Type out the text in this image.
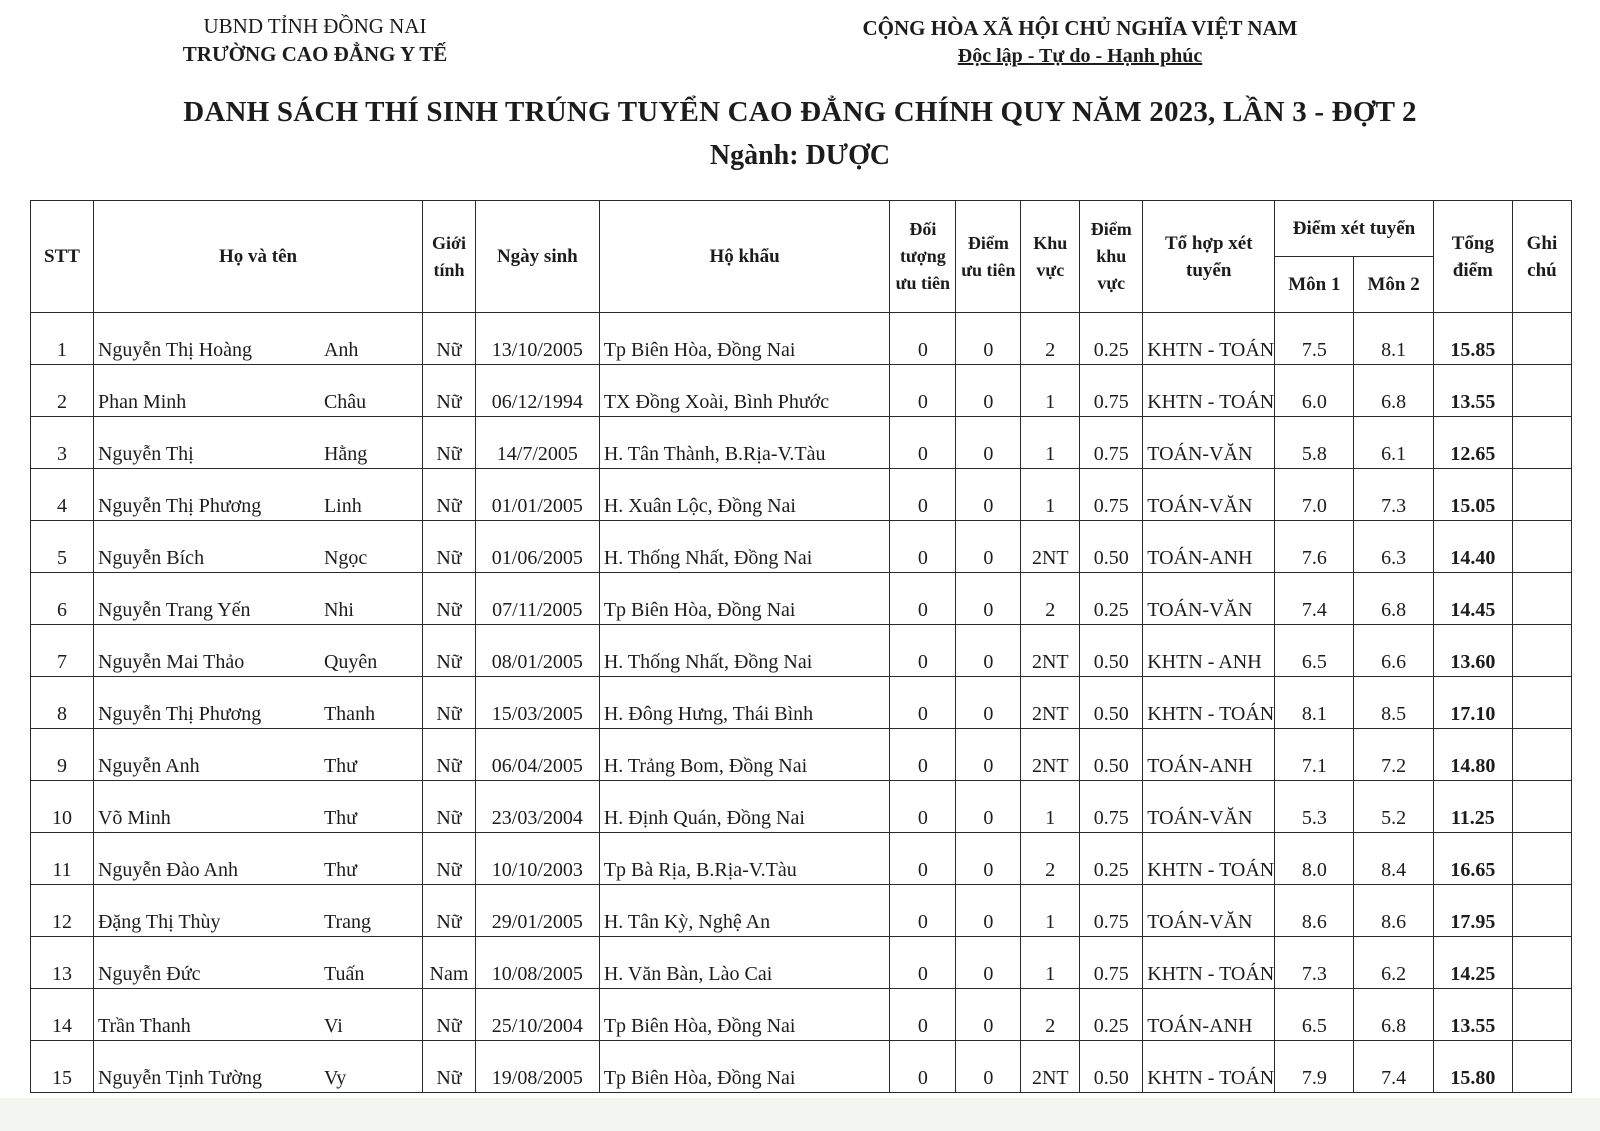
UBND TỈNH ĐỒNG NAI
TRƯỜNG CAO ĐẲNG Y TẾ
CỘNG HÒA XÃ HỘI CHỦ NGHĨA VIỆT NAM
Độc lập - Tự do - Hạnh phúc
DANH SÁCH THÍ SINH TRÚNG TUYỂN CAO ĐẲNG CHÍNH QUY NĂM 2023, LẦN 3 - ĐỢT 2
Ngành: DƯỢC
STT	Họ và tên	Giới tính	Ngày sinh	Hộ khẩu	Đối tượng ưu tiên	Điểm ưu tiên	Khu vực	Điểm khu vực	Tổ hợp xét tuyển	Điểm xét tuyển		Tổng điểm	Ghi chú
										Môn 1	Môn 2		
1	Nguyễn Thị Hoàng Anh	Nữ	13/10/2005	Tp Biên Hòa, Đồng Nai	0	0	2	0.25	KHTN - TOÁN	7.5	8.1	15.85	
2	Phan Minh Châu	Nữ	06/12/1994	TX Đồng Xoài, Bình Phước	0	0	1	0.75	KHTN - TOÁN	6.0	6.8	13.55	
3	Nguyễn Thị Hằng	Nữ	14/7/2005	H. Tân Thành, B.Rịa-V.Tàu	0	0	1	0.75	TOÁN-VĂN	5.8	6.1	12.65	
4	Nguyễn Thị Phương Linh	Nữ	01/01/2005	H. Xuân Lộc, Đồng Nai	0	0	1	0.75	TOÁN-VĂN	7.0	7.3	15.05	
5	Nguyễn Bích Ngọc	Nữ	01/06/2005	H. Thống Nhất, Đồng Nai	0	0	2NT	0.50	TOÁN-ANH	7.6	6.3	14.40	
6	Nguyễn Trang Yến Nhi	Nữ	07/11/2005	Tp Biên Hòa, Đồng Nai	0	0	2	0.25	TOÁN-VĂN	7.4	6.8	14.45	
7	Nguyễn Mai Thảo Quyên	Nữ	08/01/2005	H. Thống Nhất, Đồng Nai	0	0	2NT	0.50	KHTN - ANH	6.5	6.6	13.60	
8	Nguyễn Thị Phương Thanh	Nữ	15/03/2005	H. Đông Hưng, Thái Bình	0	0	2NT	0.50	KHTN - TOÁN	8.1	8.5	17.10	
9	Nguyễn Anh Thư	Nữ	06/04/2005	H. Trảng Bom, Đồng Nai	0	0	2NT	0.50	TOÁN-ANH	7.1	7.2	14.80	
10	Võ Minh Thư	Nữ	23/03/2004	H. Định Quán, Đồng Nai	0	0	1	0.75	TOÁN-VĂN	5.3	5.2	11.25	
11	Nguyễn Đào Anh Thư	Nữ	10/10/2003	Tp Bà Rịa, B.Rịa-V.Tàu	0	0	2	0.25	KHTN - TOÁN	8.0	8.4	16.65	
12	Đặng Thị Thùy Trang	Nữ	29/01/2005	H. Tân Kỳ, Nghệ An	0	0	1	0.75	TOÁN-VĂN	8.6	8.6	17.95	
13	Nguyễn Đức Tuấn	Nam	10/08/2005	H. Văn Bàn, Lào Cai	0	0	1	0.75	KHTN - TOÁN	7.3	6.2	14.25	
14	Trần Thanh Vi	Nữ	25/10/2004	Tp Biên Hòa, Đồng Nai	0	0	2	0.25	TOÁN-ANH	6.5	6.8	13.55	
15	Nguyễn Tịnh Tường Vy	Nữ	19/08/2005	Tp Biên Hòa, Đồng Nai	0	0	2NT	0.50	KHTN - TOÁN	7.9	7.4	15.80	
